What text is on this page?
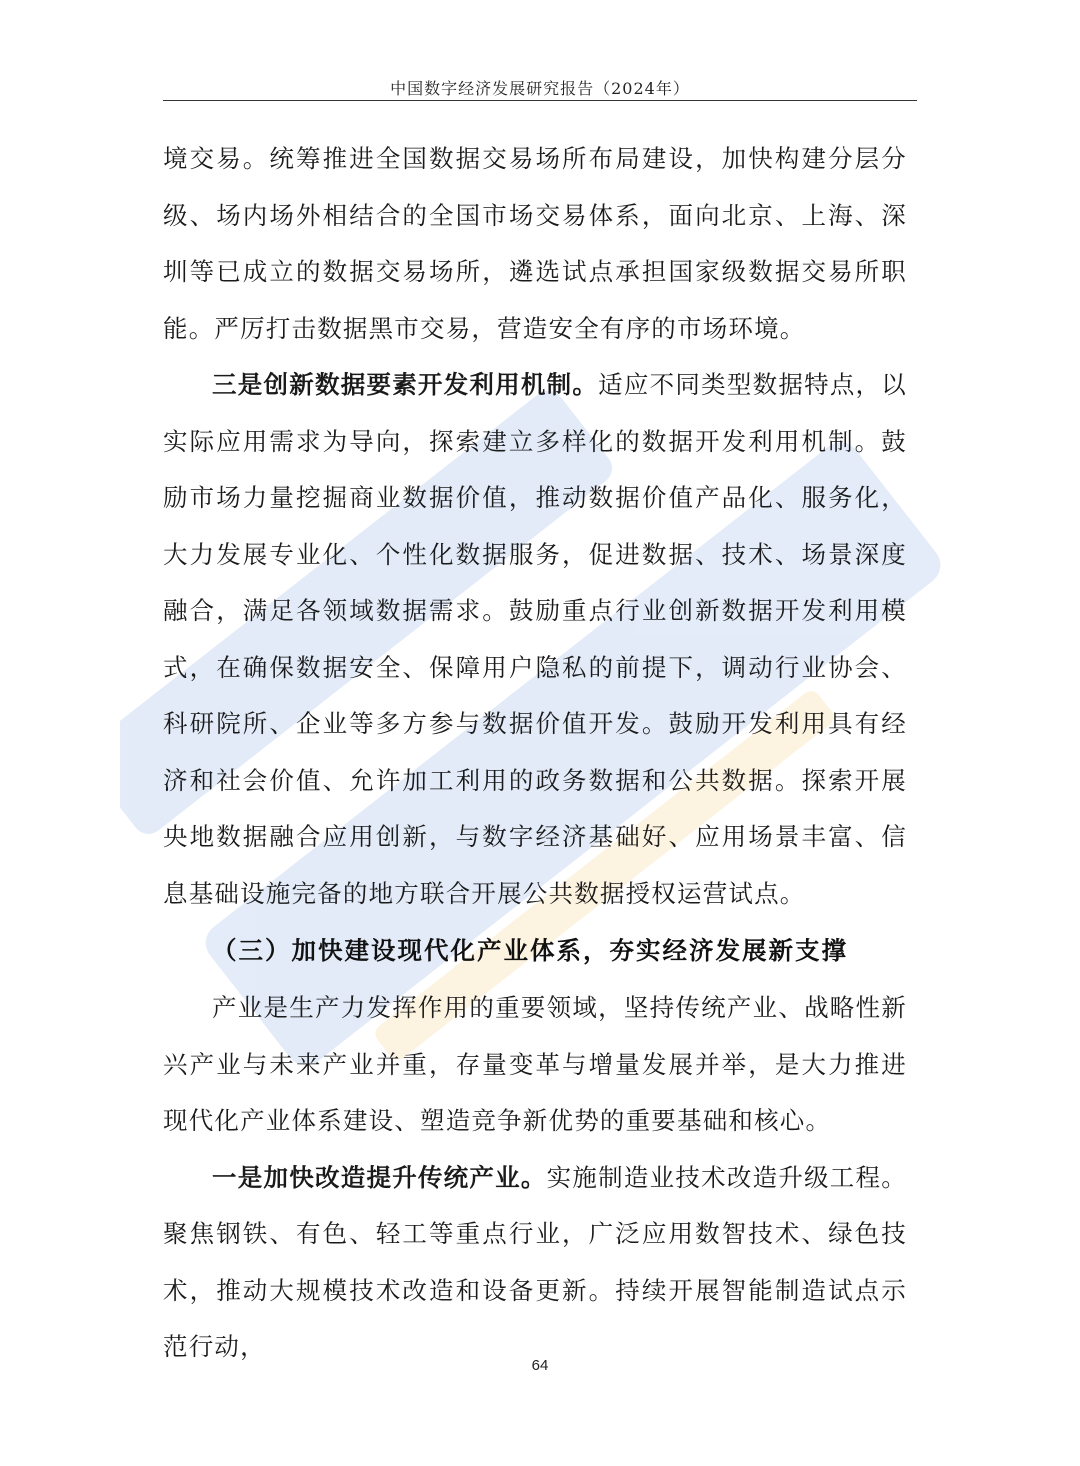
中国数字经济发展研究报告（2024年）

境交易。统筹推进全国数据交易场所布局建设，加快构建分层分级、场内场外相结合的全国市场交易体系，面向北京、上海、深圳等已成立的数据交易场所，遴选试点承担国家级数据交易所职能。严厉打击数据黑市交易，营造安全有序的市场环境。

三是创新数据要素开发利用机制。适应不同类型数据特点，以实际应用需求为导向，探索建立多样化的数据开发利用机制。鼓励市场力量挖掘商业数据价值，推动数据价值产品化、服务化，大力发展专业化、个性化数据服务，促进数据、技术、场景深度融合，满足各领域数据需求。鼓励重点行业创新数据开发利用模式，在确保数据安全、保障用户隐私的前提下，调动行业协会、科研院所、企业等多方参与数据价值开发。鼓励开发利用具有经济和社会价值、允许加工利用的政务数据和公共数据。探索开展央地数据融合应用创新，与数字经济基础好、应用场景丰富、信息基础设施完备的地方联合开展公共数据授权运营试点。

（三）加快建设现代化产业体系，夯实经济发展新支撑

产业是生产力发挥作用的重要领域，坚持传统产业、战略性新兴产业与未来产业并重，存量变革与增量发展并举，是大力推进现代化产业体系建设、塑造竞争新优势的重要基础和核心。

一是加快改造提升传统产业。实施制造业技术改造升级工程。聚焦钢铁、有色、轻工等重点行业，广泛应用数智技术、绿色技术，推动大规模技术改造和设备更新。持续开展智能制造试点示范行动，

64
